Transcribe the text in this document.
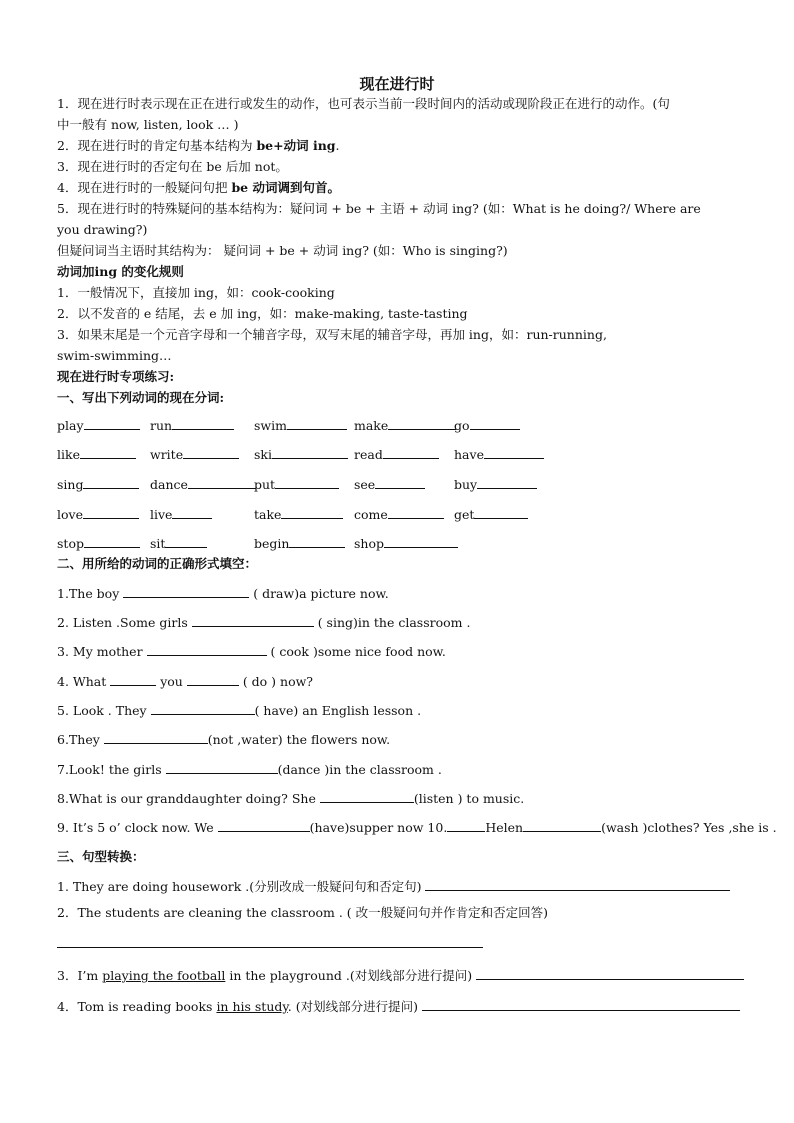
现在进行时
1．现在进行时表示现在正在进行或发生的动作，也可表示当前一段时间内的活动或现阶段正在进行的动作。(句
中一般有 now, listen, look … )
2．现在进行时的肯定句基本结构为 be+动词 ing.
3．现在进行时的否定句在 be 后加 not。
4．现在进行时的一般疑问句把 be 动词调到句首。
5．现在进行时的特殊疑问的基本结构为：疑问词 + be + 主语 + 动词 ing? (如：What is he doing?/ Where are
you drawing?)
但疑问词当主语时其结构为： 疑问词 + be + 动词 ing? (如：Who is singing?)
动词加ing 的变化规则
1．一般情况下，直接加 ing，如：cook-cooking
2．以不发音的 e 结尾，去 e 加 ing，如：make-making, taste-tasting
3．如果末尾是一个元音字母和一个辅音字母，双写末尾的辅音字母，再加 ing，如：run-running,
swim-swimming…
现在进行时专项练习:
一、写出下列动词的现在分词:
play	run	swim	make	go
like	write	ski	read	have
sing	dance	put	see	buy
love	live	take	come	get
stop	sit	begin	shop
二、用所给的动词的正确形式填空：
1.The boy	( draw)a picture now.
2. Listen .Some girls	( sing)in the classroom .
3. My mother	( cook )some nice food now.
4. What	you	( do ) now?
5. Look . They	( have) an English lesson .
6.They	(not ,water) the flowers now.
7.Look! the girls	(dance )in the classroom .
8.What is our granddaughter doing? She	(listen ) to music.
9. It’s 5 o’ clock now. We	(have)supper now 10.	Helen	(wash )clothes? Yes ,she is .
三、句型转换：
1. They are doing housework .(分别改成一般疑问句和否定句)
2．The students are cleaning the classroom . ( 改一般疑问句并作肯定和否定回答)
3．I’m playing the football in the playground .(对划线部分进行提问)
4．Tom is reading books in his study. (对划线部分进行提问)
